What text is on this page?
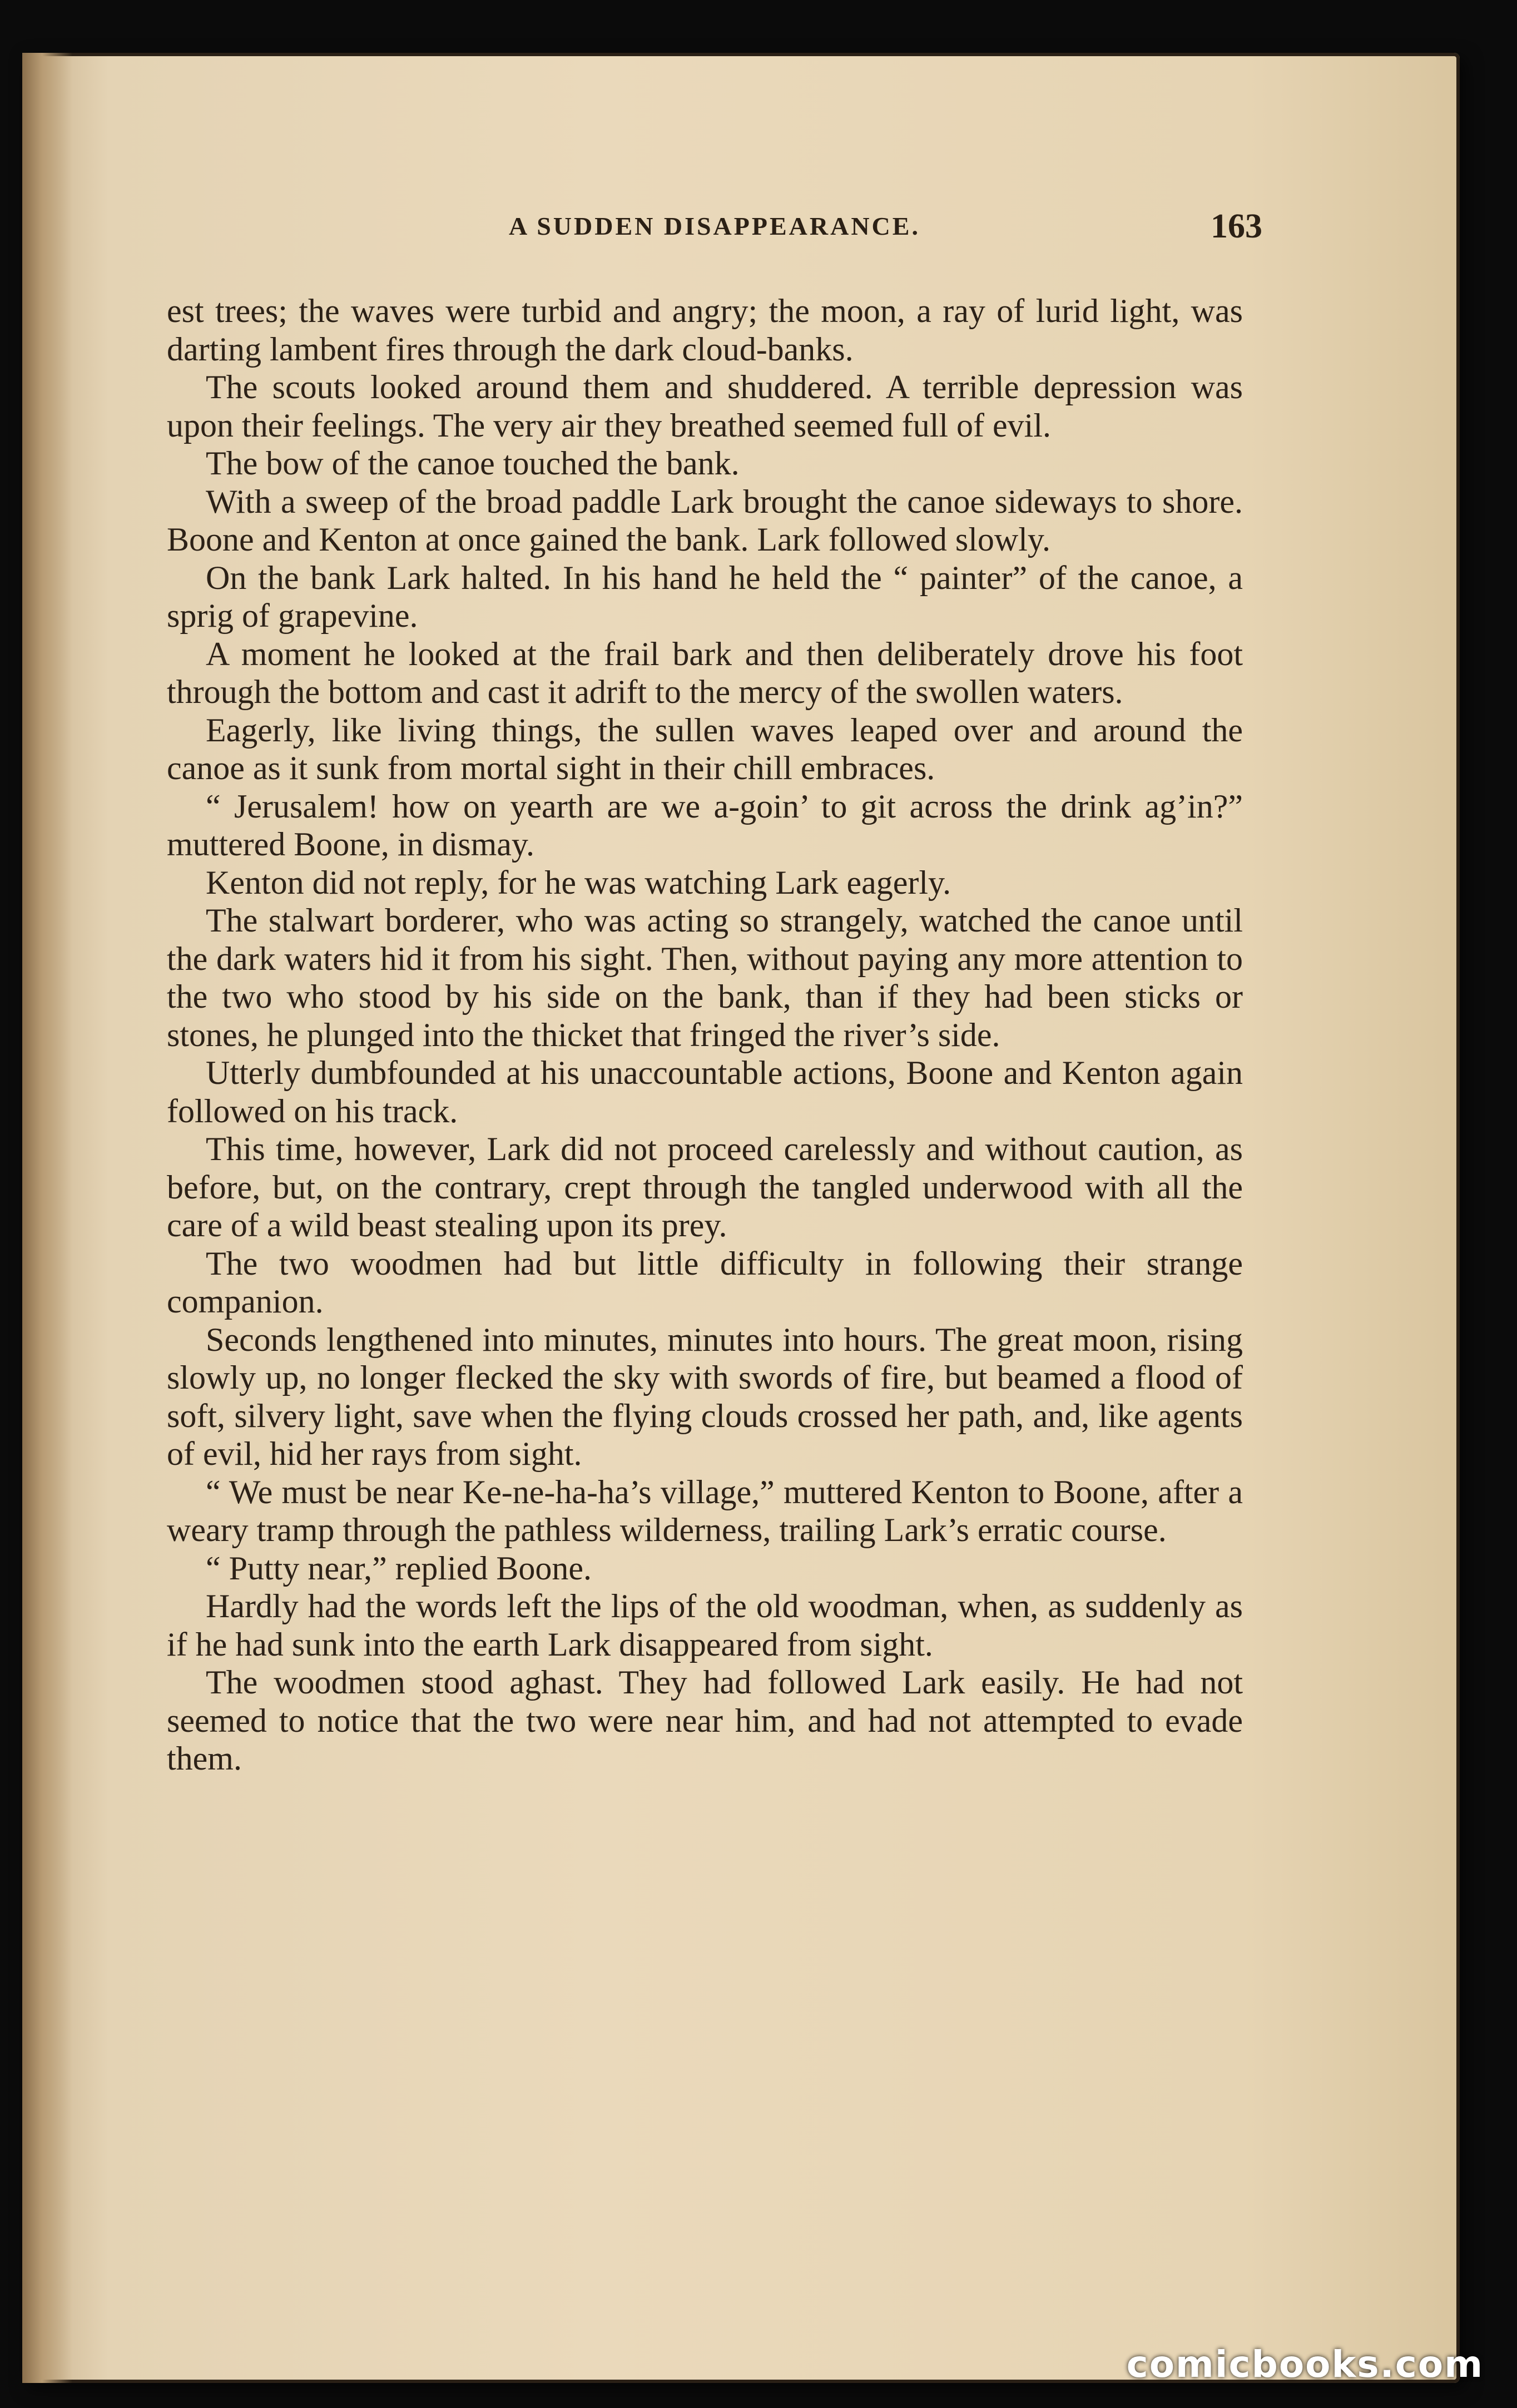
A SUDDEN DISAPPEARANCE.	163

est trees; the waves were turbid and angry; the moon, a ray of lurid light, was darting lambent fires through the dark cloud-banks.

The scouts looked around them and shuddered. A terrible depression was upon their feelings. The very air they breathed seemed full of evil.

The bow of the canoe touched the bank.

With a sweep of the broad paddle Lark brought the canoe sideways to shore. Boone and Kenton at once gained the bank. Lark followed slowly.

On the bank Lark halted. In his hand he held the “ painter” of the canoe, a sprig of grapevine.

A moment he looked at the frail bark and then deliberately drove his foot through the bottom and cast it adrift to the mercy of the swollen waters.

Eagerly, like living things, the sullen waves leaped over and around the canoe as it sunk from mortal sight in their chill embraces.

“ Jerusalem! how on yearth are we a-goin’ to git across the drink ag’in?” muttered Boone, in dismay.

Kenton did not reply, for he was watching Lark eagerly.

The stalwart borderer, who was acting so strangely, watched the canoe until the dark waters hid it from his sight. Then, without paying any more attention to the two who stood by his side on the bank, than if they had been sticks or stones, he plunged into the thicket that fringed the river’s side.

Utterly dumbfounded at his unaccountable actions, Boone and Kenton again followed on his track.

This time, however, Lark did not proceed carelessly and without caution, as before, but, on the contrary, crept through the tangled underwood with all the care of a wild beast stealing upon its prey.

The two woodmen had but little difficulty in following their strange companion.

Seconds lengthened into minutes, minutes into hours. The great moon, rising slowly up, no longer flecked the sky with swords of fire, but beamed a flood of soft, silvery light, save when the flying clouds crossed her path, and, like agents of evil, hid her rays from sight.

“ We must be near Ke-ne-ha-ha’s village,” muttered Kenton to Boone, after a weary tramp through the pathless wilderness, trailing Lark’s erratic course.

“ Putty near,” replied Boone.

Hardly had the words left the lips of the old woodman, when, as suddenly as if he had sunk into the earth Lark disappeared from sight.

The woodmen stood aghast. They had followed Lark easily. He had not seemed to notice that the two were near him, and had not attempted to evade them.

comicbooks.com
